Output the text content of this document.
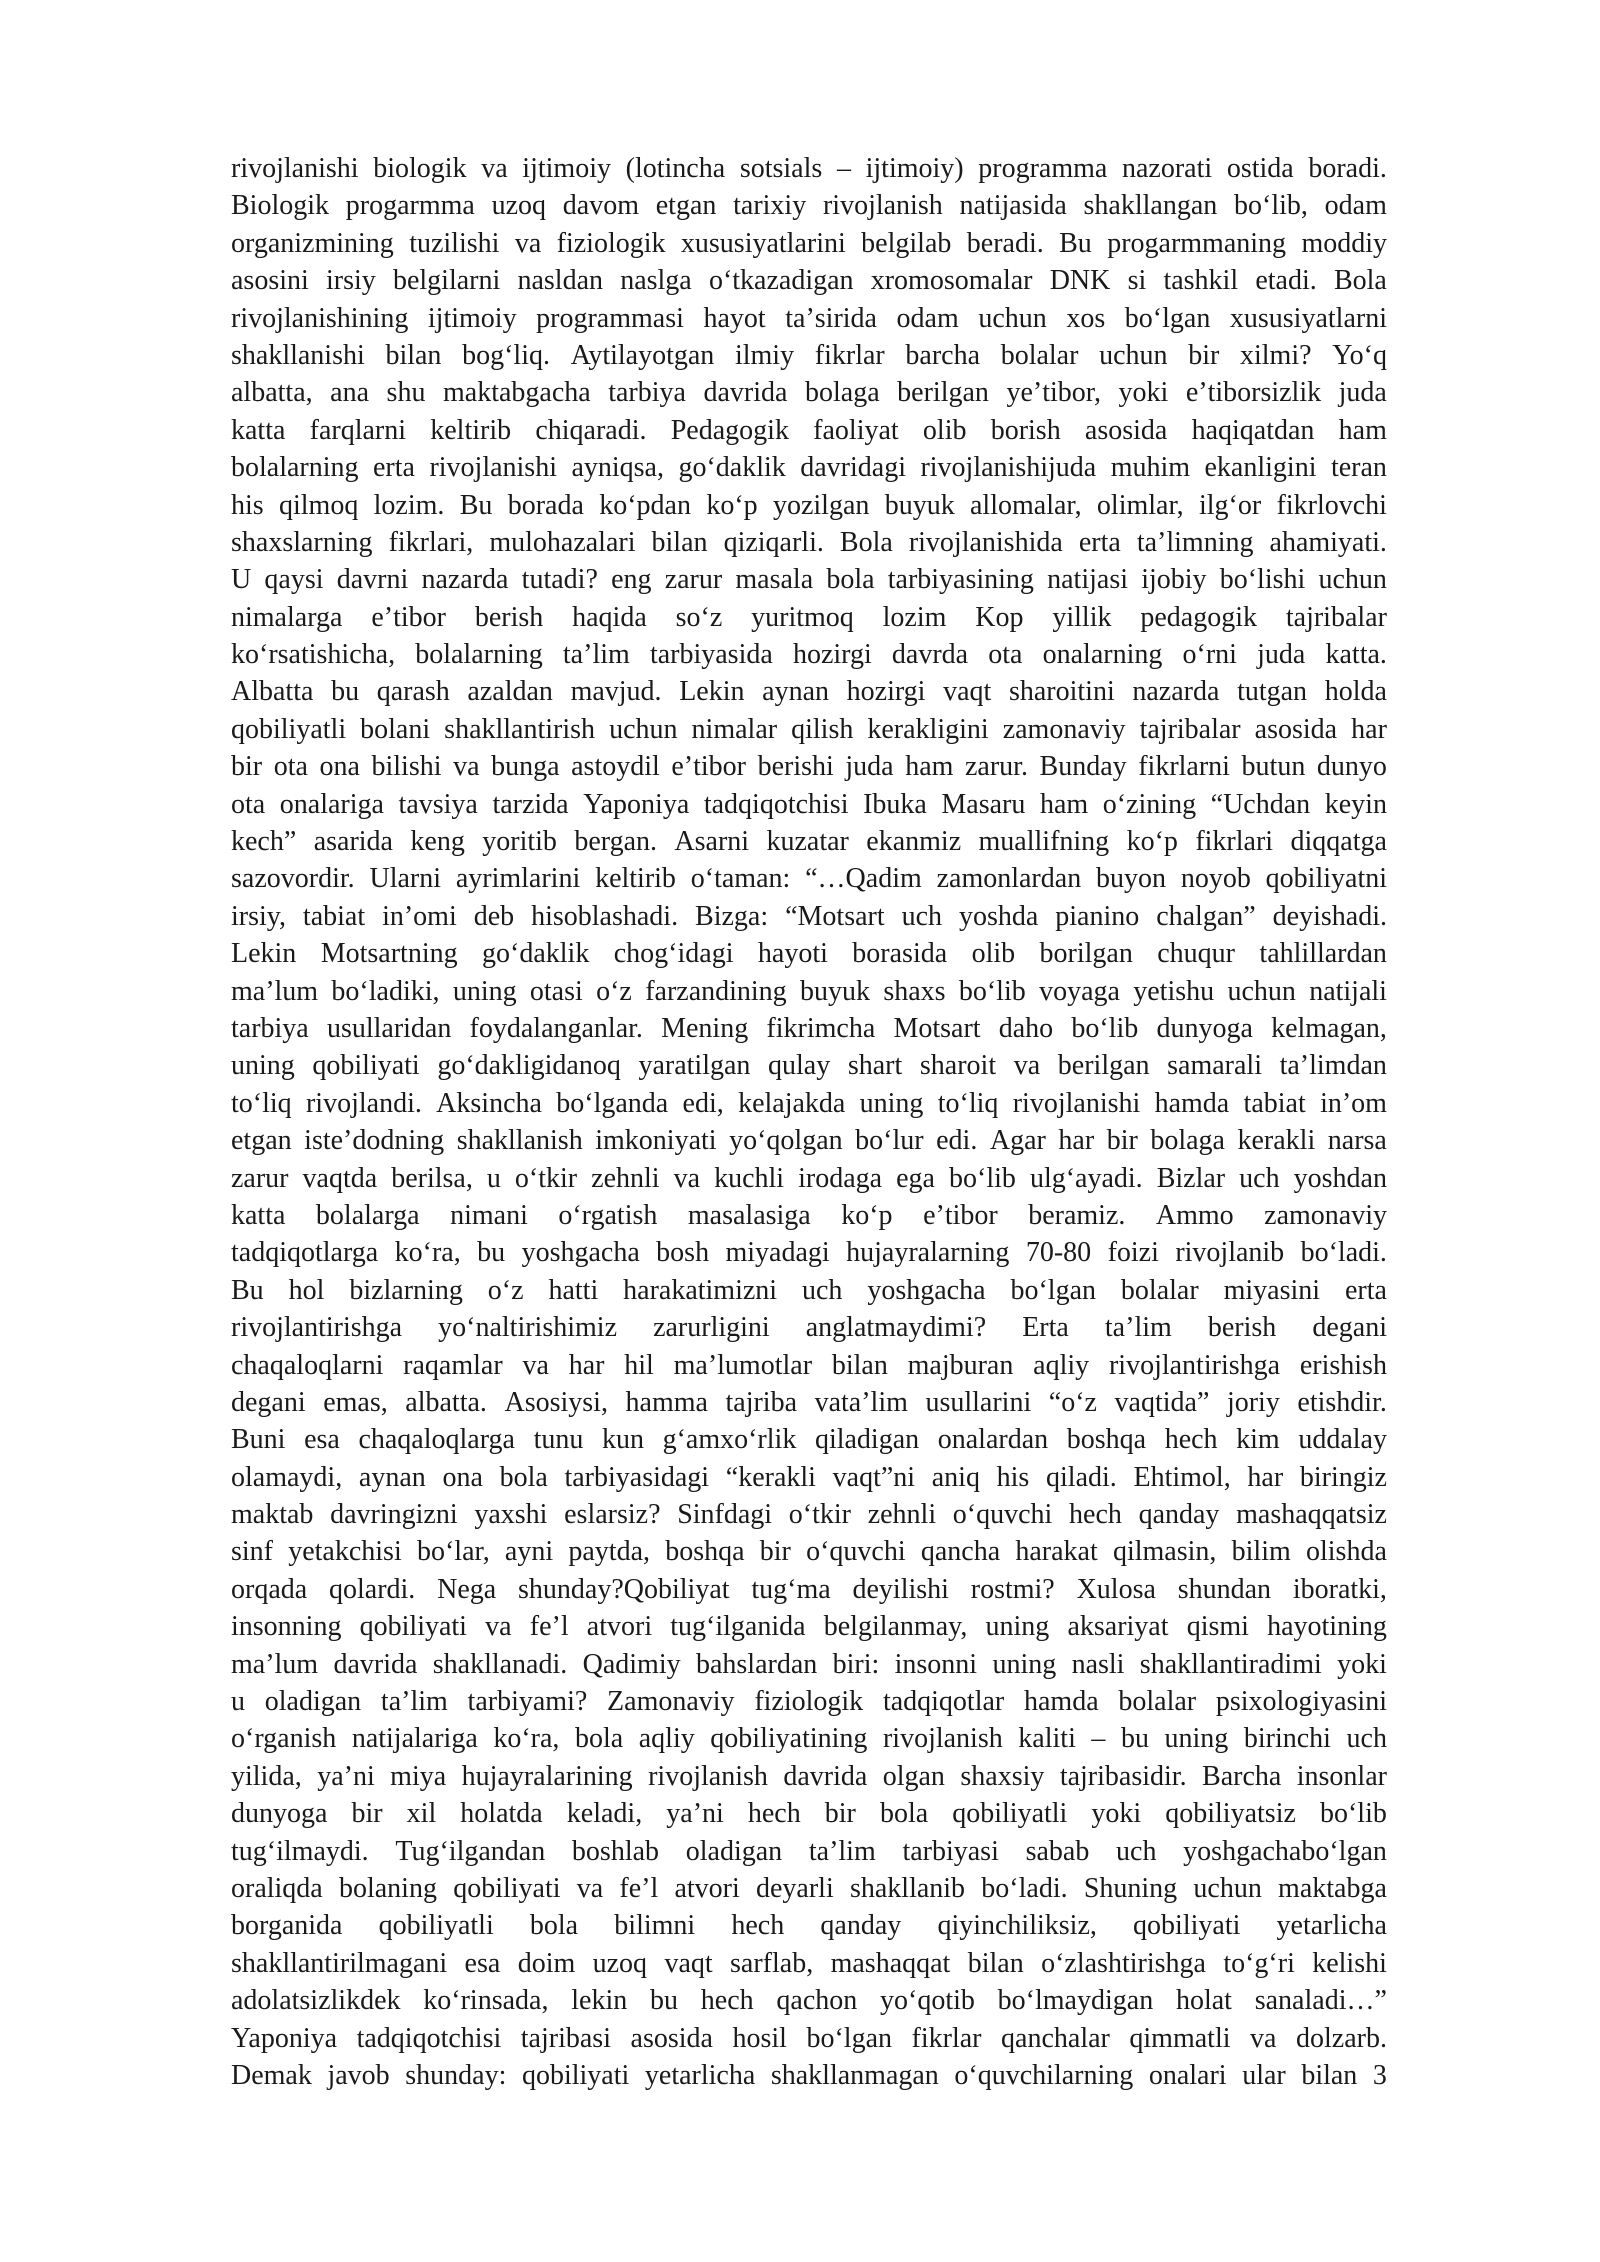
rivojlanishi biologik va ijtimoiy (lotincha sotsials – ijtimoiy) programma nazorati ostida boradi.
Biologik progarmma uzoq davom etgan tarixiy rivojlanish natijasida shakllangan boʻlib, odam
organizmining tuzilishi va fiziologik xususiyatlarini belgilab beradi. Bu progarmmaning moddiy
asosini irsiy belgilarni nasldan naslga oʻtkazadigan xromosomalar DNK si tashkil etadi. Bola
rivojlanishining ijtimoiy programmasi hayot taʼsirida odam uchun xos boʻlgan xususiyatlarni
shakllanishi bilan bogʻliq. Aytilayotgan ilmiy fikrlar barcha bolalar uchun bir xilmi? Yoʻq
albatta, ana shu maktabgacha tarbiya davrida bolaga berilgan yeʼtibor, yoki eʼtiborsizlik juda
katta farqlarni keltirib chiqaradi. Pedagogik faoliyat olib borish asosida haqiqatdan ham
bolalarning erta rivojlanishi ayniqsa, goʻdaklik davridagi rivojlanishijuda muhim ekanligini teran
his qilmoq lozim. Bu borada koʻpdan koʻp yozilgan buyuk allomalar, olimlar, ilgʻor fikrlovchi
shaxslarning fikrlari, mulohazalari bilan qiziqarli. Bola rivojlanishida erta taʼlimning ahamiyati.
U qaysi davrni nazarda tutadi? eng zarur masala bola tarbiyasining natijasi ijobiy boʻlishi uchun
nimalarga eʼtibor berish haqida soʻz yuritmoq lozim Kop yillik pedagogik tajribalar
koʻrsatishicha, bolalarning taʼlim tarbiyasida hozirgi davrda ota onalarning oʻrni juda katta.
Albatta bu qarash azaldan mavjud. Lekin aynan hozirgi vaqt sharoitini nazarda tutgan holda
qobiliyatli bolani shakllantirish uchun nimalar qilish kerakligini zamonaviy tajribalar asosida har
bir ota ona bilishi va bunga astoydil eʼtibor berishi juda ham zarur. Bunday fikrlarni butun dunyo
ota onalariga tavsiya tarzida Yaponiya tadqiqotchisi Ibuka Masaru ham oʻzining “Uchdan keyin
kech” asarida keng yoritib bergan. Asarni kuzatar ekanmiz muallifning koʻp fikrlari diqqatga
sazovordir. Ularni ayrimlarini keltirib oʻtaman: “…Qadim zamonlardan buyon noyob qobiliyatni
irsiy, tabiat inʼomi deb hisoblashadi. Bizga: “Motsart uch yoshda pianino chalgan” deyishadi.
Lekin Motsartning goʻdaklik chogʻidagi hayoti borasida olib borilgan chuqur tahlillardan
maʼlum boʻladiki, uning otasi oʻz farzandining buyuk shaxs boʻlib voyaga yetishu uchun natijali
tarbiya usullaridan foydalanganlar. Mening fikrimcha Motsart daho boʻlib dunyoga kelmagan,
uning qobiliyati goʻdakligidanoq yaratilgan qulay shart sharoit va berilgan samarali taʼlimdan
toʻliq rivojlandi. Aksincha boʻlganda edi, kelajakda uning toʻliq rivojlanishi hamda tabiat inʼom
etgan isteʼdodning shakllanish imkoniyati yoʻqolgan boʻlur edi. Agar har bir bolaga kerakli narsa
zarur vaqtda berilsa, u oʻtkir zehnli va kuchli irodaga ega boʻlib ulgʻayadi. Bizlar uch yoshdan
katta bolalarga nimani oʻrgatish masalasiga koʻp eʼtibor beramiz. Ammo zamonaviy
tadqiqotlarga koʻra, bu yoshgacha bosh miyadagi hujayralarning 70-80 foizi rivojlanib boʻladi.
Bu hol bizlarning oʻz hatti harakatimizni uch yoshgacha boʻlgan bolalar miyasini erta
rivojlantirishga yoʻnaltirishimiz zarurligini anglatmaydimi? Erta taʼlim berish degani
chaqaloqlarni raqamlar va har hil maʼlumotlar bilan majburan aqliy rivojlantirishga erishish
degani emas, albatta. Asosiysi, hamma tajriba vataʼlim usullarini “oʻz vaqtida” joriy etishdir.
Buni esa chaqaloqlarga tunu kun gʻamxoʻrlik qiladigan onalardan boshqa hech kim uddalay
olamaydi, aynan ona bola tarbiyasidagi “kerakli vaqt”ni aniq his qiladi. Ehtimol, har biringiz
maktab davringizni yaxshi eslarsiz? Sinfdagi oʻtkir zehnli oʻquvchi hech qanday mashaqqatsiz
sinf yetakchisi boʻlar, ayni paytda, boshqa bir oʻquvchi qancha harakat qilmasin, bilim olishda
orqada qolardi. Nega shunday?Qobiliyat tugʻma deyilishi rostmi? Xulosa shundan iboratki,
insonning qobiliyati va feʼl atvori tugʻilganida belgilanmay, uning aksariyat qismi hayotining
maʼlum davrida shakllanadi. Qadimiy bahslardan biri: insonni uning nasli shakllantiradimi yoki
u oladigan taʼlim tarbiyami? Zamonaviy fiziologik tadqiqotlar hamda bolalar psixologiyasini
oʻrganish natijalariga koʻra, bola aqliy qobiliyatining rivojlanish kaliti – bu uning birinchi uch
yilida, yaʼni miya hujayralarining rivojlanish davrida olgan shaxsiy tajribasidir. Barcha insonlar
dunyoga bir xil holatda keladi, yaʼni hech bir bola qobiliyatli yoki qobiliyatsiz boʻlib
tugʻilmaydi. Tugʻilgandan boshlab oladigan taʼlim tarbiyasi sabab uch yoshgachaboʻlgan
oraliqda bolaning qobiliyati va feʼl atvori deyarli shakllanib boʻladi. Shuning uchun maktabga
borganida qobiliyatli bola bilimni hech qanday qiyinchiliksiz, qobiliyati yetarlicha
shakllantirilmagani esa doim uzoq vaqt sarflab, mashaqqat bilan oʻzlashtirishga toʻgʻri kelishi
adolatsizlikdek koʻrinsada, lekin bu hech qachon yoʻqotib boʻlmaydigan holat sanaladi…”
Yaponiya tadqiqotchisi tajribasi asosida hosil boʻlgan fikrlar qanchalar qimmatli va dolzarb.
Demak javob shunday: qobiliyati yetarlicha shakllanmagan oʻquvchilarning onalari ular bilan 3
